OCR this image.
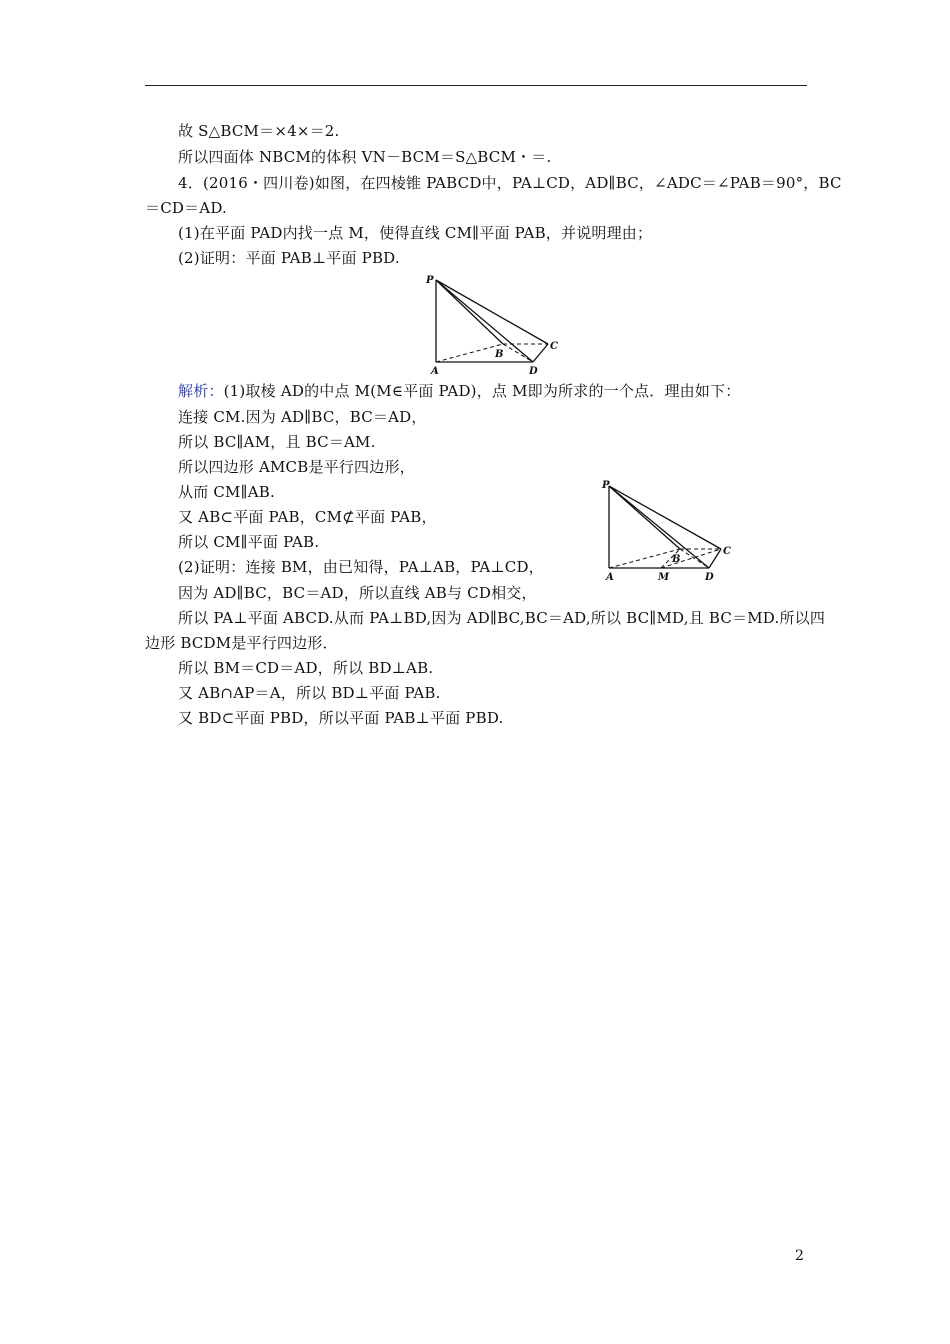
故 S△BCM＝×4×＝2.
所以四面体 NBCM的体积 VN－BCM＝S△BCM・＝.
4．(2016・四川卷)如图，在四棱锥 PABCD中，PA⊥CD，AD∥BC，∠ADC＝∠PAB＝90°，BC
＝CD＝AD.
(1)在平面 PAD内找一点 M，使得直线 CM∥平面 PAB，并说明理由；
(2)证明：平面 PAB⊥平面 PBD.
P
A
B
C
D
解析：(1)取棱 AD的中点 M(M∈平面 PAD)，点 M即为所求的一个点．理由如下：
连接 CM.因为 AD∥BC，BC＝AD，
所以 BC∥AM，且 BC＝AM.
所以四边形 AMCB是平行四边形，
从而 CM∥AB.
又 AB⊂平面 PAB，CM⊄平面 PAB，
所以 CM∥平面 PAB.
(2)证明：连接 BM，由已知得，PA⊥AB，PA⊥CD，
因为 AD∥BC，BC＝AD，所以直线 AB与 CD相交，
所以 PA⊥平面 ABCD.从而 PA⊥BD,因为 AD∥BC,BC＝AD,所以 BC∥MD,且 BC＝MD.所以四
边形 BCDM是平行四边形．
所以 BM＝CD＝AD，所以 BD⊥AB.
又 AB∩AP＝A，所以 BD⊥平面 PAB.
又 BD⊂平面 PBD，所以平面 PAB⊥平面 PBD.
P
A	M
B
C
D
2
